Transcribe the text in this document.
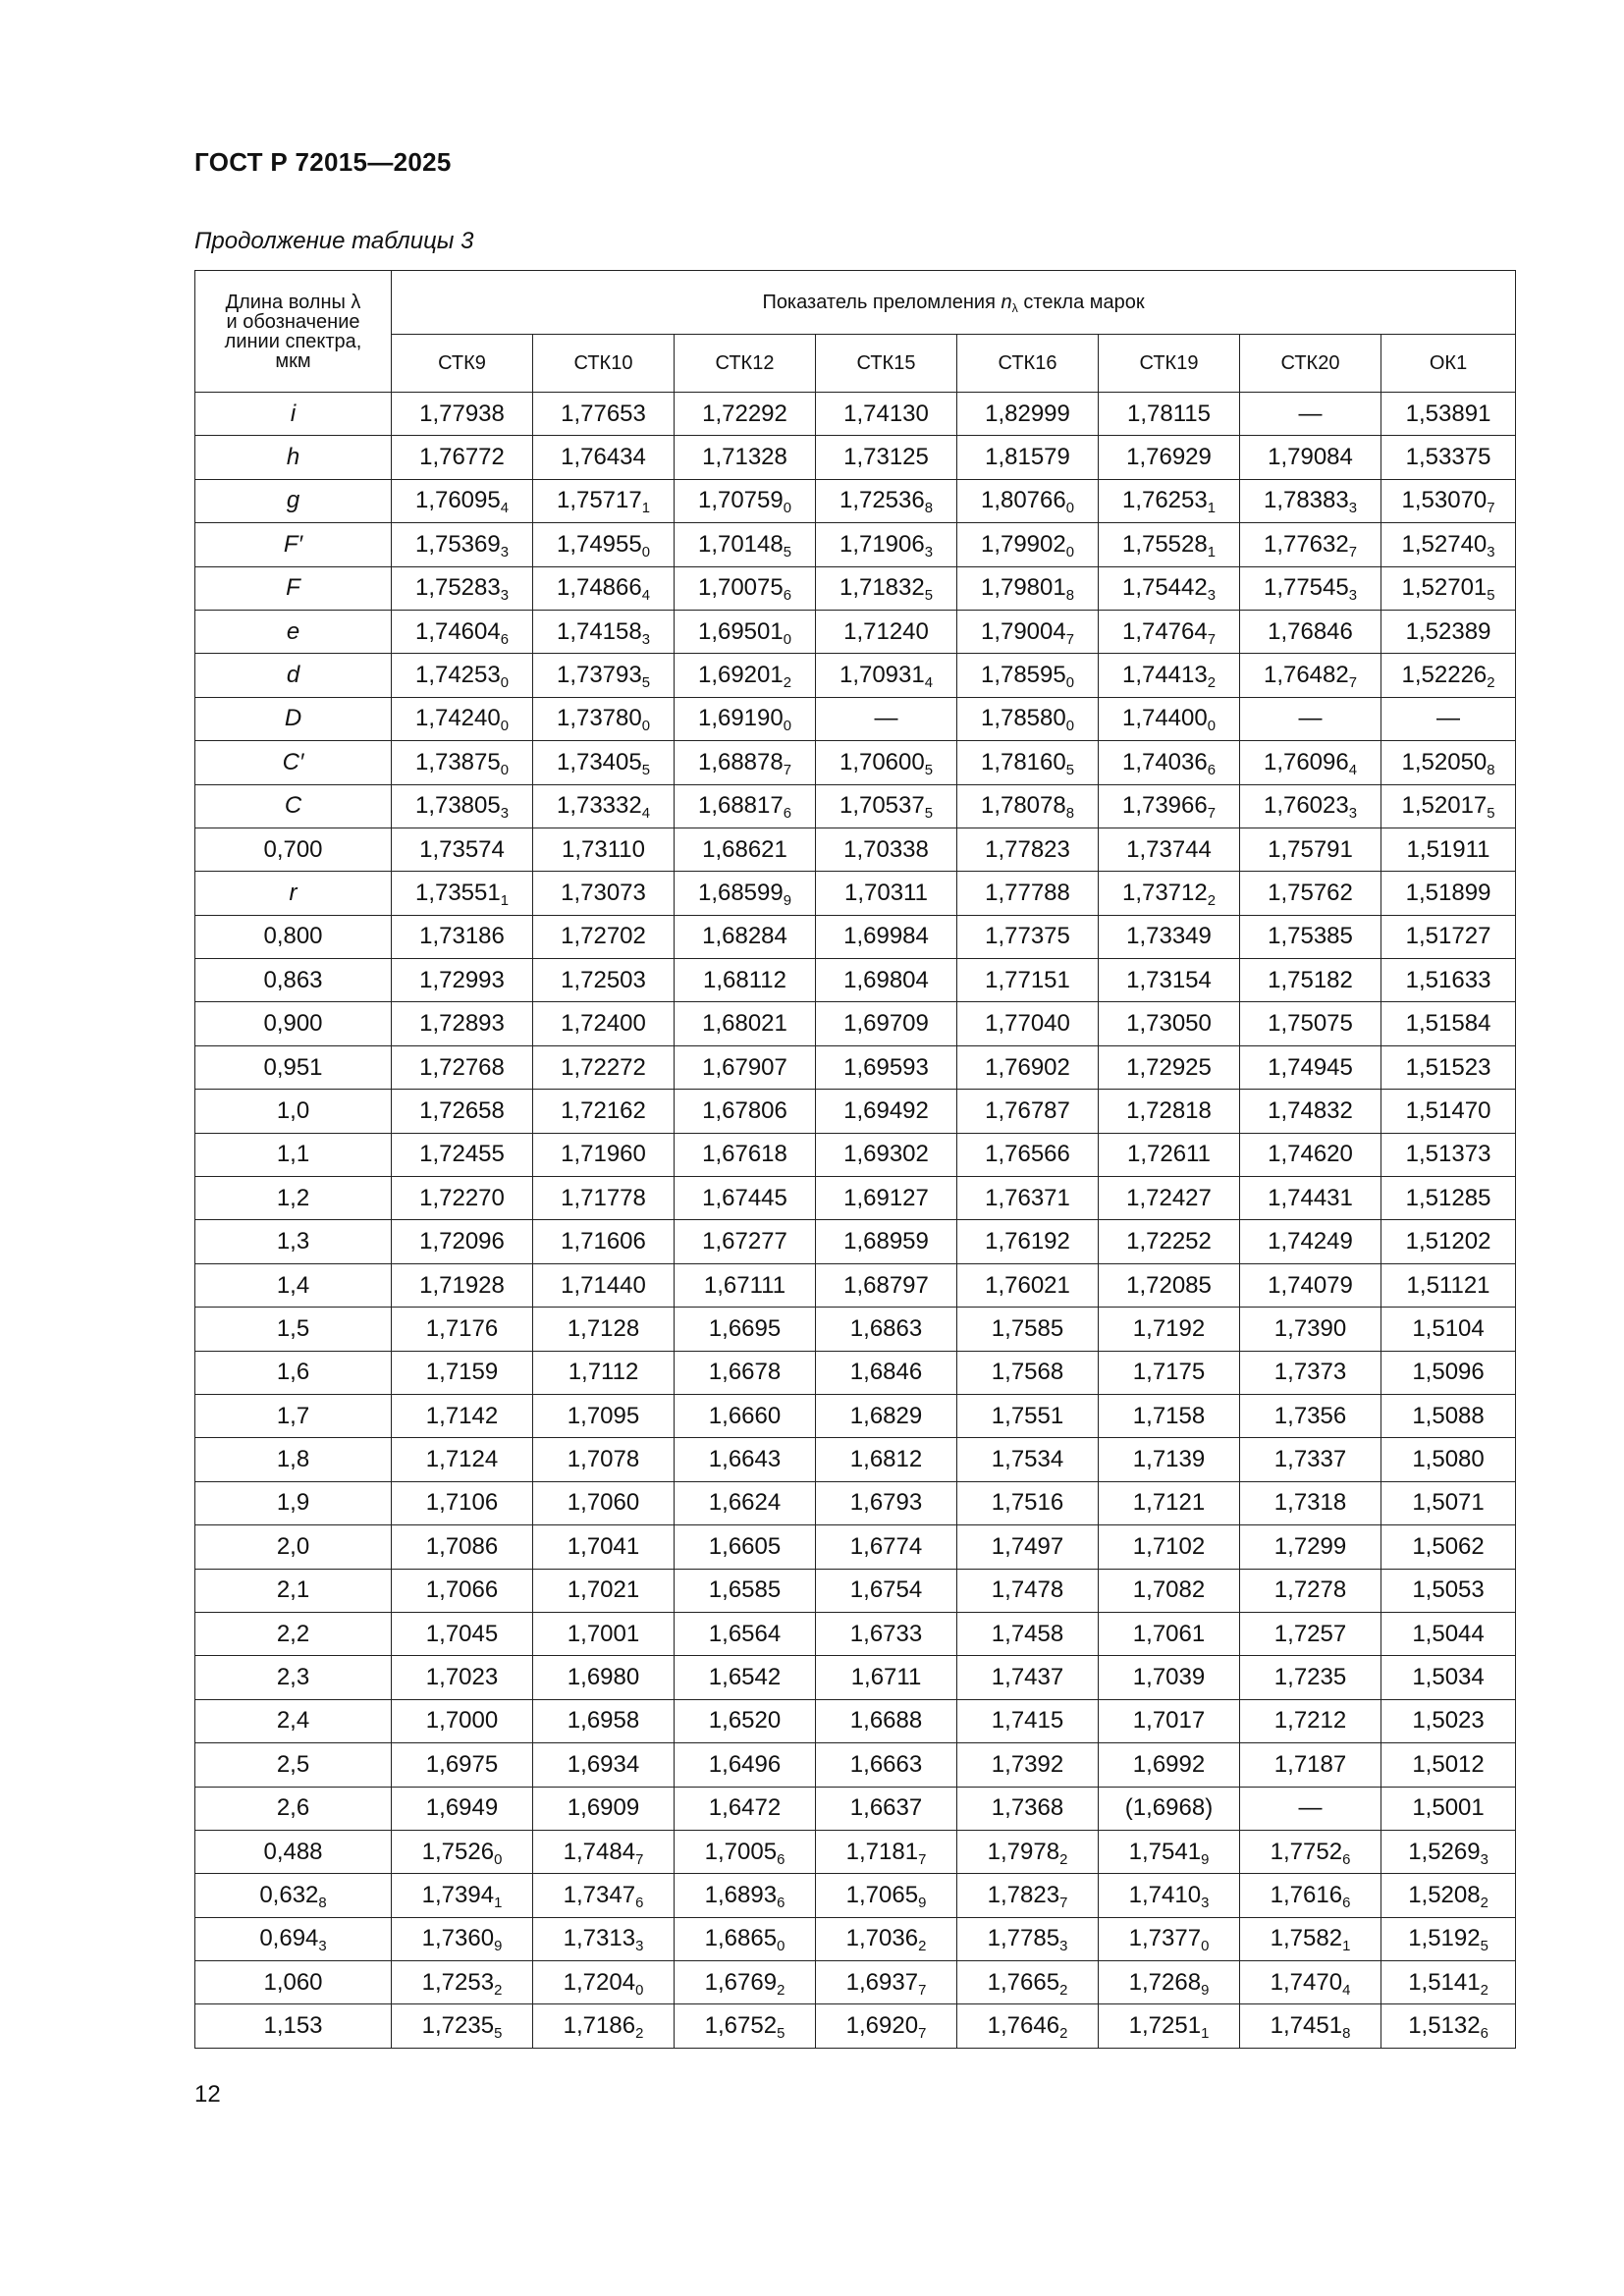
ГОСТ Р 72015—2025
Продолжение таблицы 3
Длина волны λ
и обозначение
линии спектра,
мкм	Показатель преломления $n_\lambda$ стекла марок							
	СТК9	СТК10	СТК12	СТК15	СТК16	СТК19	СТК20	ОК1
i	1,77938	1,77653	1,72292	1,74130	1,82999	1,78115	—	1,53891
h	1,76772	1,76434	1,71328	1,73125	1,81579	1,76929	1,79084	1,53375
g	$1,76095_4$	$1,75717_1$	$1,70759_0$	$1,72536_8$	$1,80766_0$	$1,76253_1$	$1,78383_3$	$1,53070_7$
F′	$1,75369_3$	$1,74955_0$	$1,70148_5$	$1,71906_3$	$1,79902_0$	$1,75528_1$	$1,77632_7$	$1,52740_3$
F	$1,75283_3$	$1,74866_4$	$1,70075_6$	$1,71832_5$	$1,79801_8$	$1,75442_3$	$1,77545_3$	$1,52701_5$
e	$1,74604_6$	$1,74158_3$	$1,69501_0$	1,71240	$1,79004_7$	$1,74764_7$	1,76846	1,52389
d	$1,74253_0$	$1,73793_5$	$1,69201_2$	$1,70931_4$	$1,78595_0$	$1,74413_2$	$1,76482_7$	$1,52226_2$
D	$1,74240_0$	$1,73780_0$	$1,69190_0$	—	$1,78580_0$	$1,74400_0$	—	—
C′	$1,73875_0$	$1,73405_5$	$1,68878_7$	$1,70600_5$	$1,78160_5$	$1,74036_6$	$1,76096_4$	$1,52050_8$
C	$1,73805_3$	$1,73332_4$	$1,68817_6$	$1,70537_5$	$1,78078_8$	$1,73966_7$	$1,76023_3$	$1,52017_5$
0,700	1,73574	1,73110	1,68621	1,70338	1,77823	1,73744	1,75791	1,51911
r	$1,73551_1$	1,73073	$1,68599_9$	1,70311	1,77788	$1,73712_2$	1,75762	1,51899
0,800	1,73186	1,72702	1,68284	1,69984	1,77375	1,73349	1,75385	1,51727
0,863	1,72993	1,72503	1,68112	1,69804	1,77151	1,73154	1,75182	1,51633
0,900	1,72893	1,72400	1,68021	1,69709	1,77040	1,73050	1,75075	1,51584
0,951	1,72768	1,72272	1,67907	1,69593	1,76902	1,72925	1,74945	1,51523
1,0	1,72658	1,72162	1,67806	1,69492	1,76787	1,72818	1,74832	1,51470
1,1	1,72455	1,71960	1,67618	1,69302	1,76566	1,72611	1,74620	1,51373
1,2	1,72270	1,71778	1,67445	1,69127	1,76371	1,72427	1,74431	1,51285
1,3	1,72096	1,71606	1,67277	1,68959	1,76192	1,72252	1,74249	1,51202
1,4	1,71928	1,71440	1,67111	1,68797	1,76021	1,72085	1,74079	1,51121
1,5	1,7176	1,7128	1,6695	1,6863	1,7585	1,7192	1,7390	1,5104
1,6	1,7159	1,7112	1,6678	1,6846	1,7568	1,7175	1,7373	1,5096
1,7	1,7142	1,7095	1,6660	1,6829	1,7551	1,7158	1,7356	1,5088
1,8	1,7124	1,7078	1,6643	1,6812	1,7534	1,7139	1,7337	1,5080
1,9	1,7106	1,7060	1,6624	1,6793	1,7516	1,7121	1,7318	1,5071
2,0	1,7086	1,7041	1,6605	1,6774	1,7497	1,7102	1,7299	1,5062
2,1	1,7066	1,7021	1,6585	1,6754	1,7478	1,7082	1,7278	1,5053
2,2	1,7045	1,7001	1,6564	1,6733	1,7458	1,7061	1,7257	1,5044
2,3	1,7023	1,6980	1,6542	1,6711	1,7437	1,7039	1,7235	1,5034
2,4	1,7000	1,6958	1,6520	1,6688	1,7415	1,7017	1,7212	1,5023
2,5	1,6975	1,6934	1,6496	1,6663	1,7392	1,6992	1,7187	1,5012
2,6	1,6949	1,6909	1,6472	1,6637	1,7368	(1,6968)	—	1,5001
0,488	$1,7526_0$	$1,7484_7$	$1,7005_6$	$1,7181_7$	$1,7978_2$	$1,7541_9$	$1,7752_6$	$1,5269_3$
$0,632_8$	$1,7394_1$	$1,7347_6$	$1,6893_6$	$1,7065_9$	$1,7823_7$	$1,7410_3$	$1,7616_6$	$1,5208_2$
$0,694_3$	$1,7360_9$	$1,7313_3$	$1,6865_0$	$1,7036_2$	$1,7785_3$	$1,7377_0$	$1,7582_1$	$1,5192_5$
1,060	$1,7253_2$	$1,7204_0$	$1,6769_2$	$1,6937_7$	$1,7665_2$	$1,7268_9$	$1,7470_4$	$1,5141_2$
1,153	$1,7235_5$	$1,7186_2$	$1,6752_5$	$1,6920_7$	$1,7646_2$	$1,7251_1$	$1,7451_8$	$1,5132_6$
12
